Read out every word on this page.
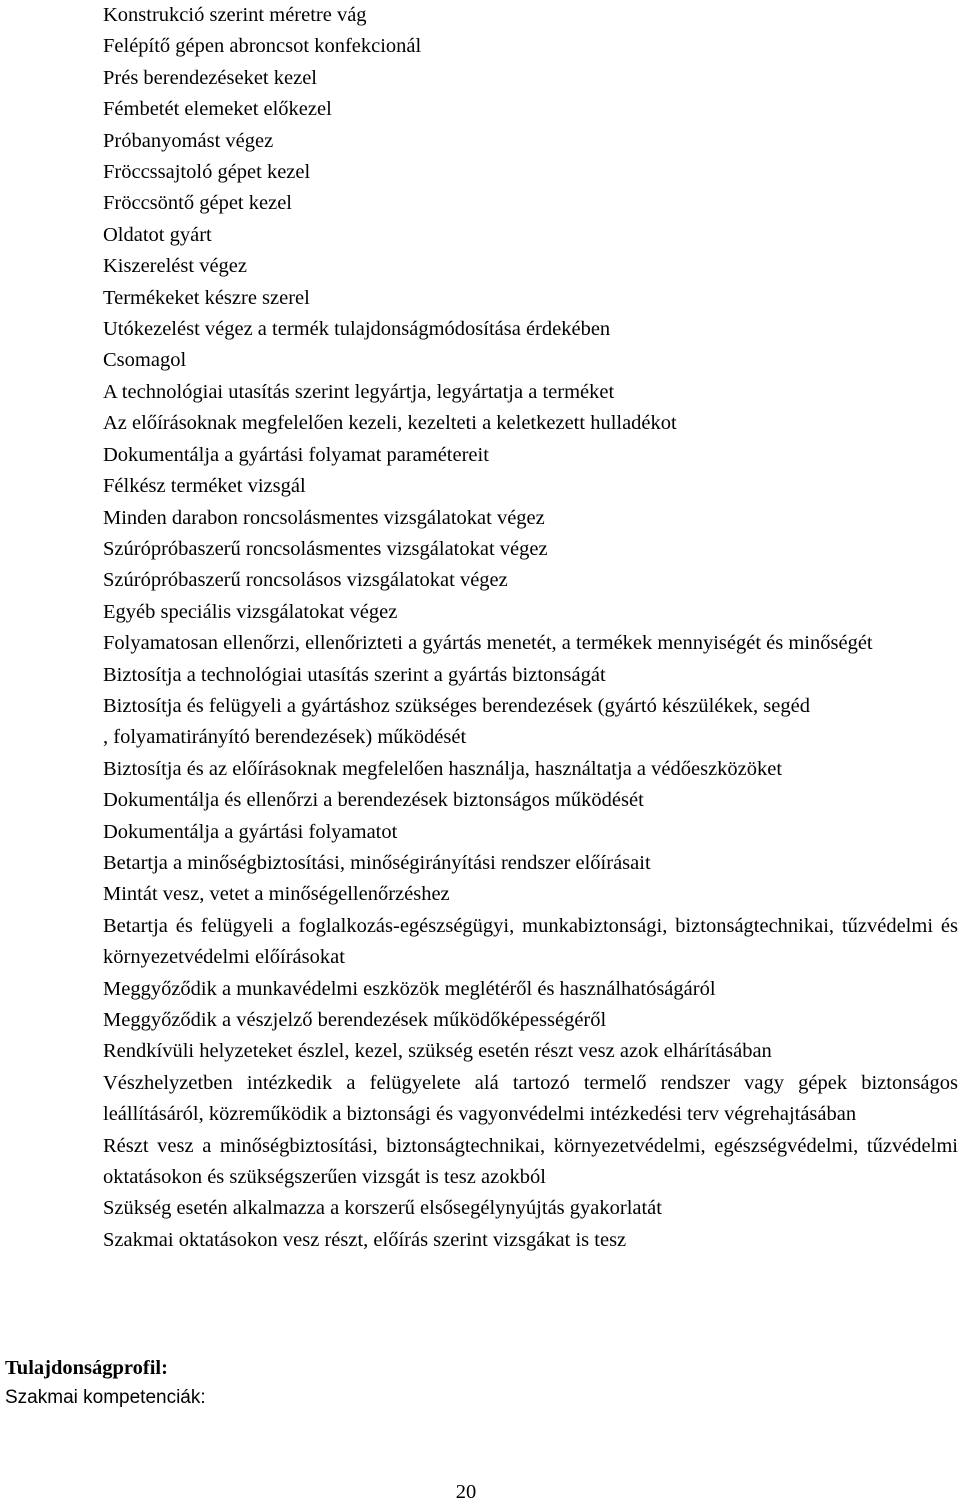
Konstrukció szerint méretre vág
Felépítő gépen abroncsot konfekcionál
Prés berendezéseket kezel
Fémbetét elemeket előkezel
Próbanyomást végez
Fröccssajtoló gépet kezel
Fröccsöntő gépet kezel
Oldatot gyárt
Kiszerelést végez
Termékeket készre szerel
Utókezelést végez a termék tulajdonságmódosítása érdekében
Csomagol
A technológiai utasítás szerint legyártja, legyártatja a terméket
Az előírásoknak megfelelően kezeli, kezelteti a keletkezett hulladékot
Dokumentálja a gyártási folyamat paramétereit
Félkész terméket vizsgál
Minden darabon roncsolásmentes vizsgálatokat végez
Szúrópróbaszerű roncsolásmentes vizsgálatokat végez
Szúrópróbaszerű roncsolásos vizsgálatokat végez
Egyéb speciális vizsgálatokat végez
Folyamatosan ellenőrzi, ellenőrizteti a gyártás menetét, a termékek mennyiségét és minőségét
Biztosítja a technológiai utasítás szerint a gyártás biztonságát
Biztosítja és felügyeli a gyártáshoz szükséges berendezések (gyártó készülékek, segéd
, folyamatirányító berendezések) működését
Biztosítja és az előírásoknak megfelelően használja, használtatja a védőeszközöket
Dokumentálja és ellenőrzi a berendezések biztonságos működését
Dokumentálja a gyártási folyamatot
Betartja a minőségbiztosítási, minőségirányítási rendszer előírásait
Mintát vesz, vetet a minőségellenőrzéshez
Betartja és felügyeli a foglalkozás-egészségügyi, munkabiztonsági, biztonságtechnikai, tűzvédelmi és környezetvédelmi előírásokat
Meggyőződik a munkavédelmi eszközök meglétéről és használhatóságáról
Meggyőződik a vészjelző berendezések működőképességéről
Rendkívüli helyzeteket észlel, kezel, szükség esetén részt vesz azok elhárításában
Vészhelyzetben intézkedik a felügyelete alá tartozó termelő rendszer vagy gépek biztonságos leállításáról, közreműködik a biztonsági és vagyonvédelmi intézkedési terv végrehajtásában
Részt vesz a minőségbiztosítási, biztonságtechnikai, környezetvédelmi, egészségvédelmi, tűzvédelmi oktatásokon és szükségszerűen vizsgát is tesz azokból
Szükség esetén alkalmazza a korszerű elsősegélynyújtás gyakorlatát
Szakmai oktatásokon vesz részt, előírás szerint vizsgákat is tesz
Tulajdonságprofil:
Szakmai kompetenciák:
20
